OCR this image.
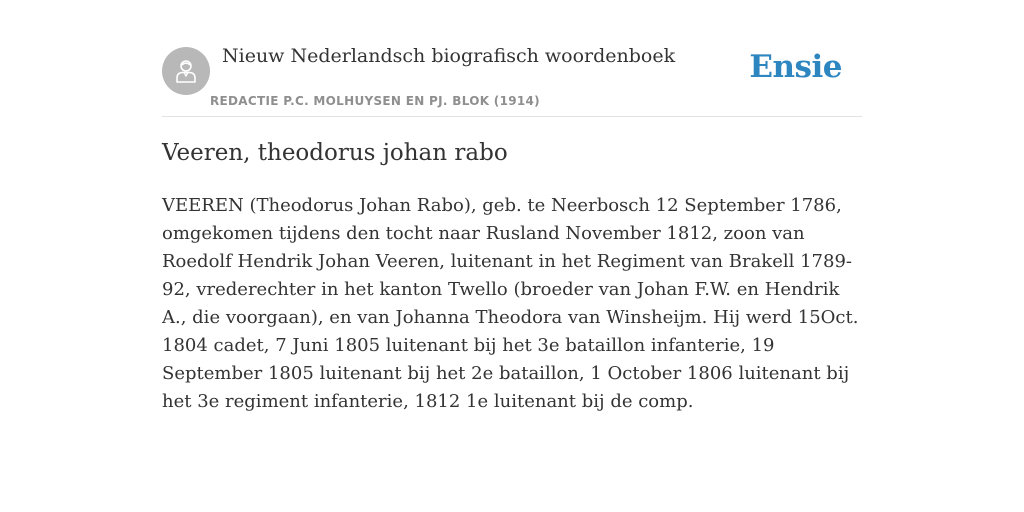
Nieuw Nederlandsch biografisch woordenboek
REDACTIE P.C. MOLHUYSEN EN PJ. BLOK (1914)
Ensie
Veeren, theodorus johan rabo

VEEREN (Theodorus Johan Rabo), geb. te Neerbosch 12 September 1786, omgekomen tijdens den tocht naar Rusland November 1812, zoon van Roedolf Hendrik Johan Veeren, luitenant in het Regiment van Brakell 1789-92, vrederechter in het kanton Twello (broeder van Johan F.W. en Hendrik A., die voorgaan), en van Johanna Theodora van Winsheijm. Hij werd 15Oct. 1804 cadet, 7 Juni 1805 luitenant bij het 3e bataillon infanterie, 19 September 1805 luitenant bij het 2e bataillon, 1 October 1806 luitenant bij het 3e regiment infanterie, 1812 1e luitenant bij de comp.
